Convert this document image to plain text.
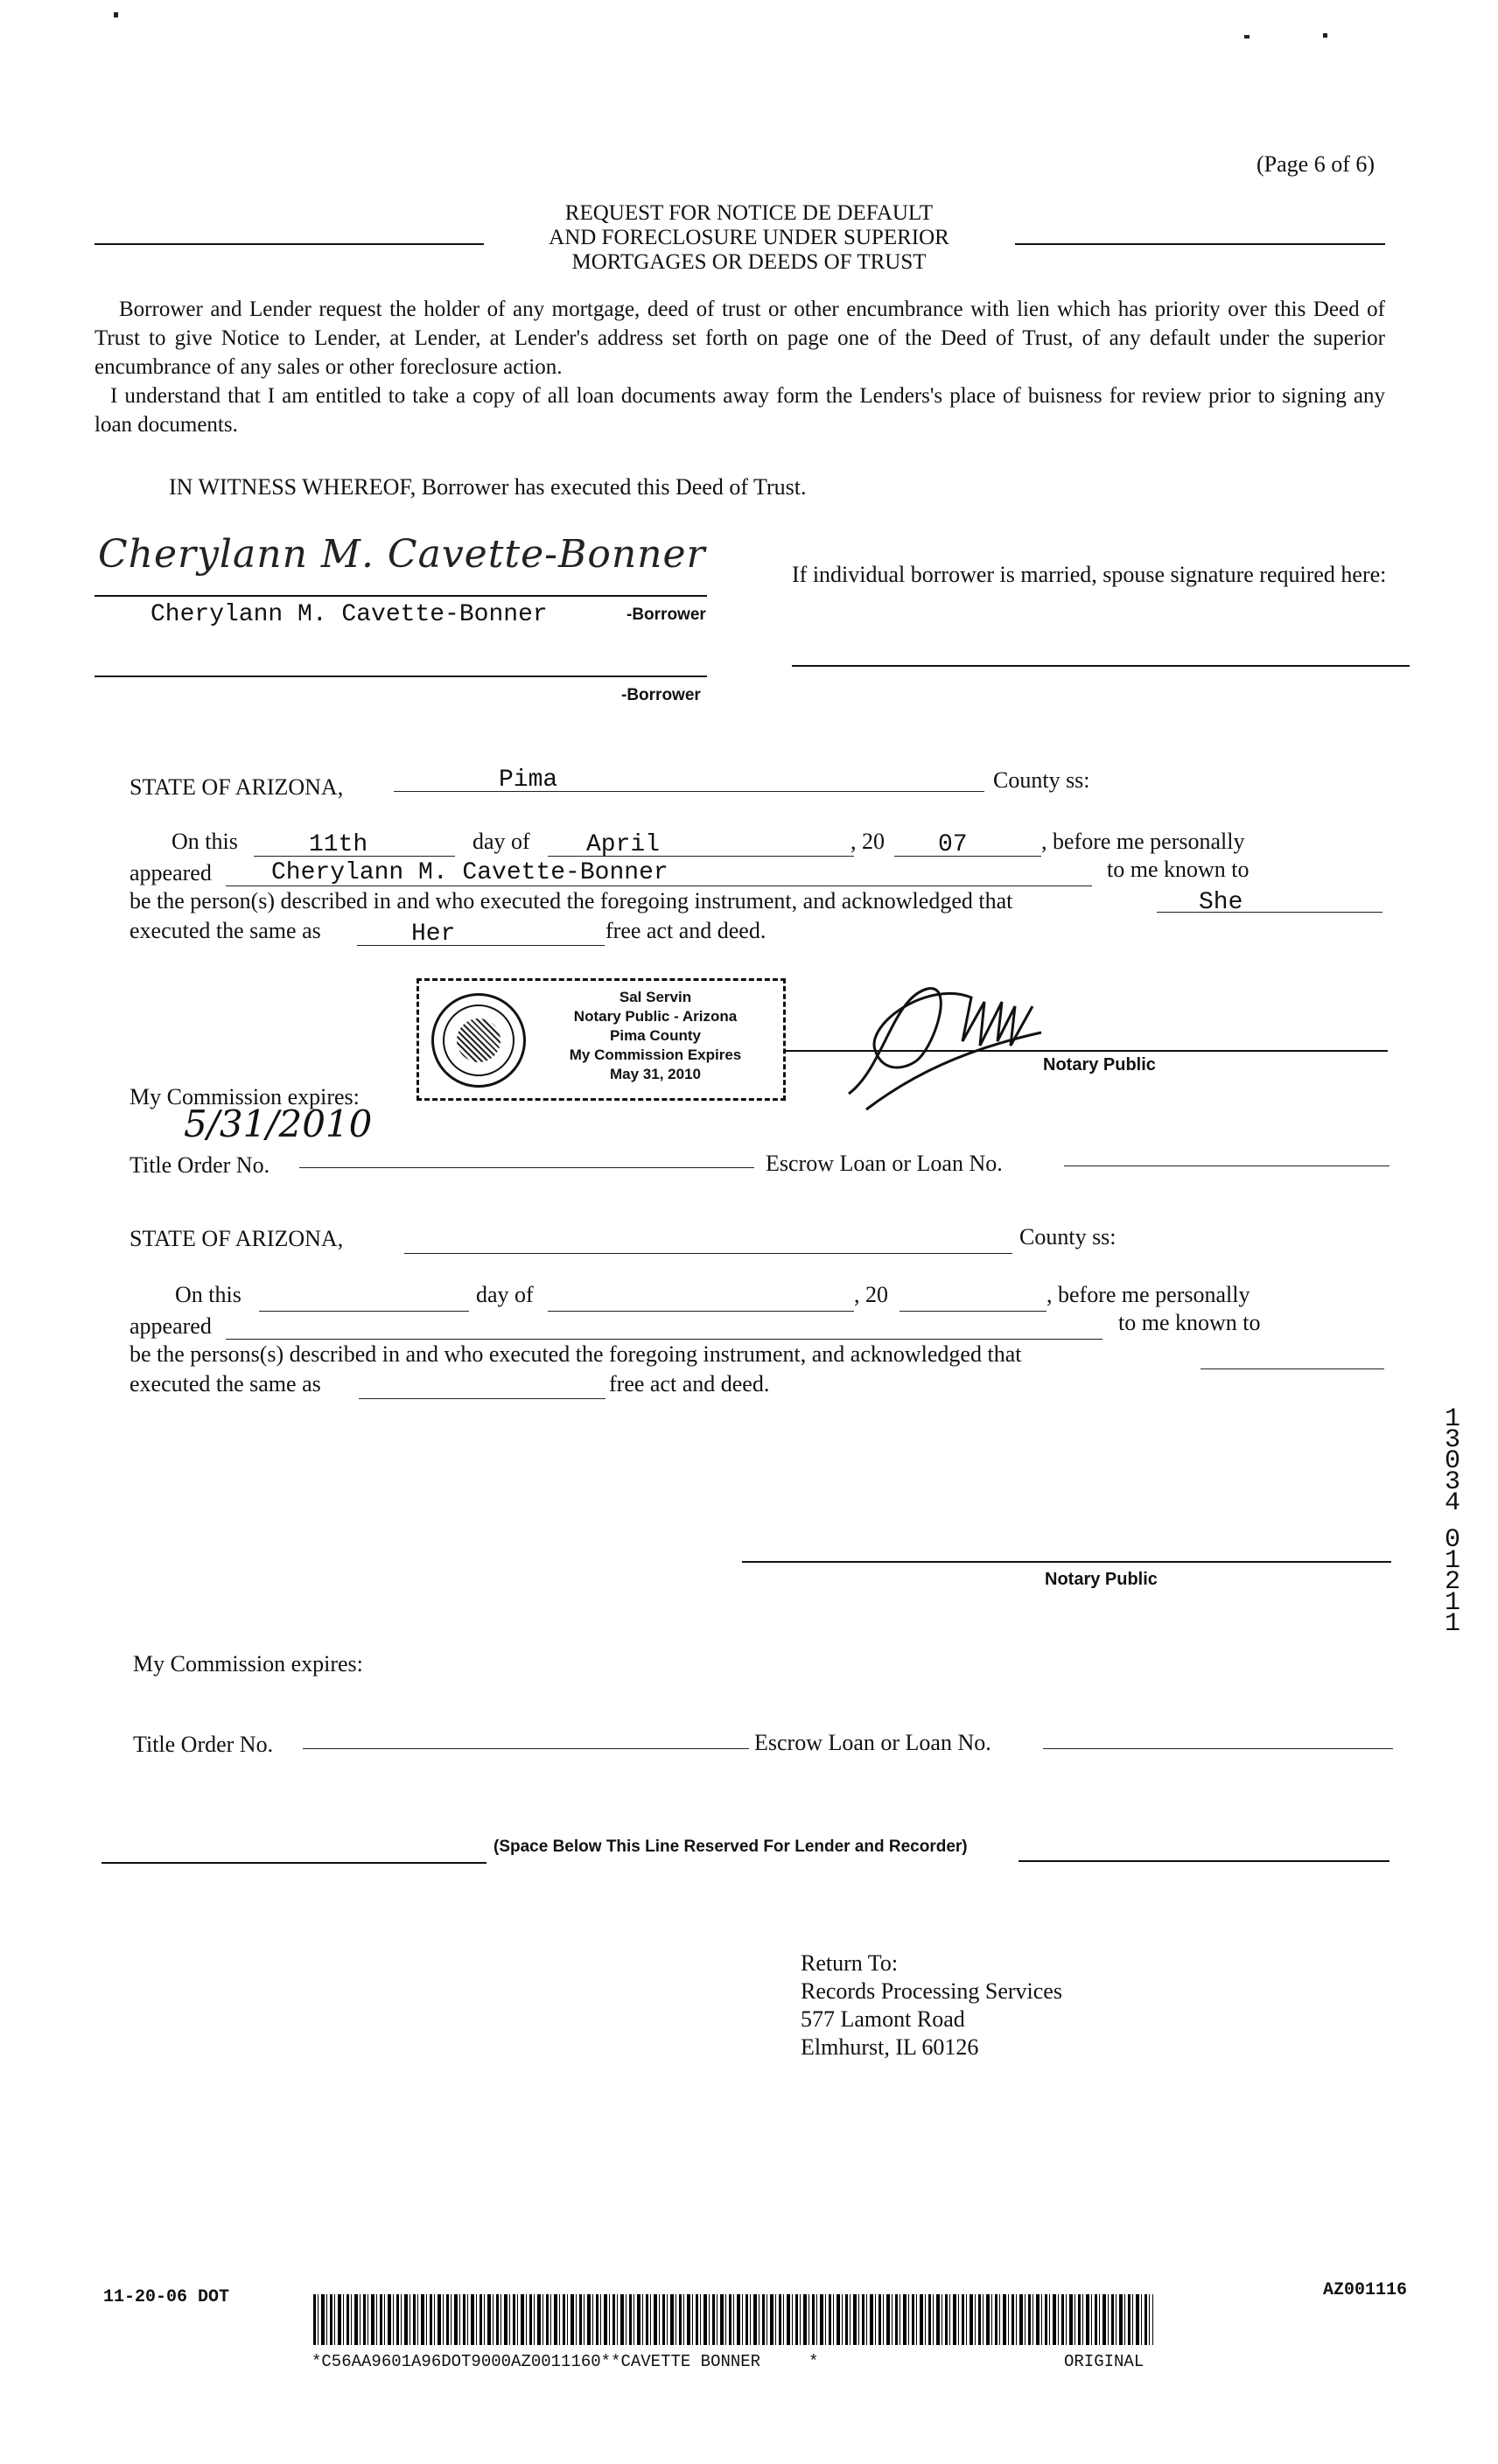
(Page 6 of 6)
REQUEST FOR NOTICE DE DEFAULT
AND FORECLOSURE UNDER SUPERIOR
MORTGAGES OR DEEDS OF TRUST
Borrower and Lender request the holder of any mortgage, deed of trust or other encumbrance with lien which has priority over this Deed of Trust to give Notice to Lender, at Lender, at Lender's address set forth on page one of the Deed of Trust, of any default under the superior encumbrance of any sales or other foreclosure action.
I understand that I am entitled to take a copy of all loan documents away form the Lenders's place of buisness for review prior to signing any loan documents.
IN WITNESS WHEREOF, Borrower has executed this Deed of Trust.
Cherylann M. Cavette-Bonner
Cherylann M. Cavette-Bonner	-Borrower
If individual borrower is married, spouse signature required here:
-Borrower
STATE OF ARIZONA,	Pima	County ss:
On this	11th	day of April	, 20 07	, before me personally
appeared Cherylann M. Cavette-Bonner	to me known to
be the person(s) described in and who executed the foregoing instrument, and acknowledged that	She
executed the same as	Her	free act and deed.
Sal Servin
Notary Public - Arizona
Pima County
My Commission Expires
May 31, 2010	Notary Public
My Commission expires:
5/31/2010
Title Order No.	Escrow Loan or Loan No.
STATE OF ARIZONA,	County ss:
On this	day of	, 20	, before me personally
appeared	to me known to
be the persons(s) described in and who executed the foregoing instrument, and acknowledged that
executed the same as	free act and deed.
Notary Public
My Commission expires:
Title Order No.	Escrow Loan or Loan No.
1
3
0
3
4
0
1
2
1
1
(Space Below This Line Reserved For Lender and Recorder)
Return To:
Records Processing Services
577 Lamont Road
Elmhurst, IL 60126
11-20-06 DOT	AZ001116
*C56AA9601A96DOT9000AZ0011160**CAVETTE BONNER	*	ORIGINAL
